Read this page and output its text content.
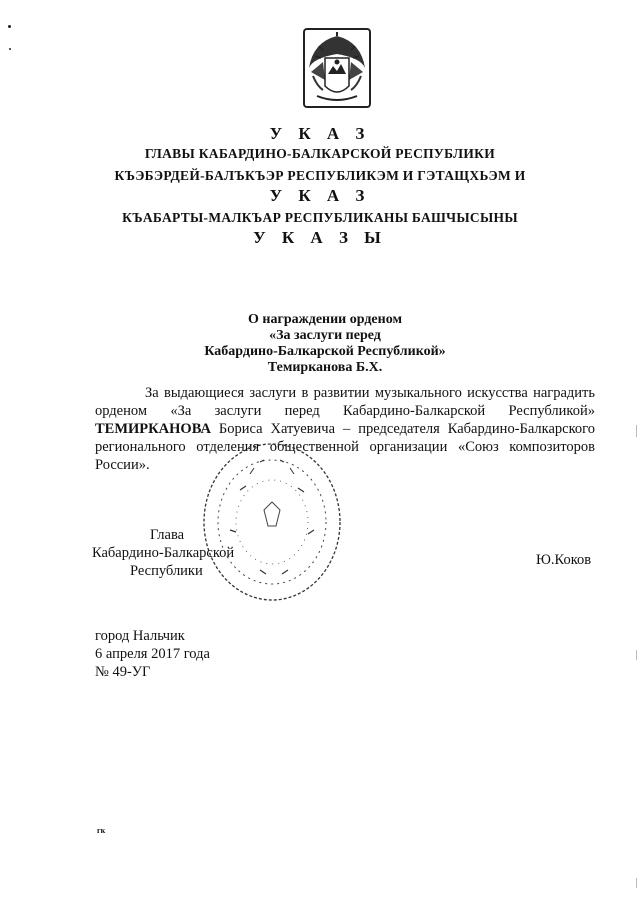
У К А З
ГЛАВЫ КАБАРДИНО-БАЛКАРСКОЙ РЕСПУБЛИКИ
КЪЭБЭРДЕЙ-БАЛЪКЪЭР РЕСПУБЛИКЭМ И ГЭТАЩХЬЭМ И
У К А З
КЪАБАРТЫ-МАЛКЪАР РЕСПУБЛИКАНЫ БАШЧЫСЫНЫ
У К А З Ы
О награждении орденом
«За заслуги перед
Кабардино-Балкарской Республикой»
Темирканова Б.Х.
За выдающиеся заслуги в развитии музыкального искусства наградить
орденом «За заслуги перед Кабардино-Балкарской Республикой»
ТЕМИРКАНОВА Бориса Хатуевича – председателя Кабардино-Балкарского
регионального отделения общественной организации «Союз композиторов
России».
Глава
Кабардино-Балкарской
Республики
Ю.Коков
город Нальчик
6 апреля 2017 года
№ 49-УГ
гк
